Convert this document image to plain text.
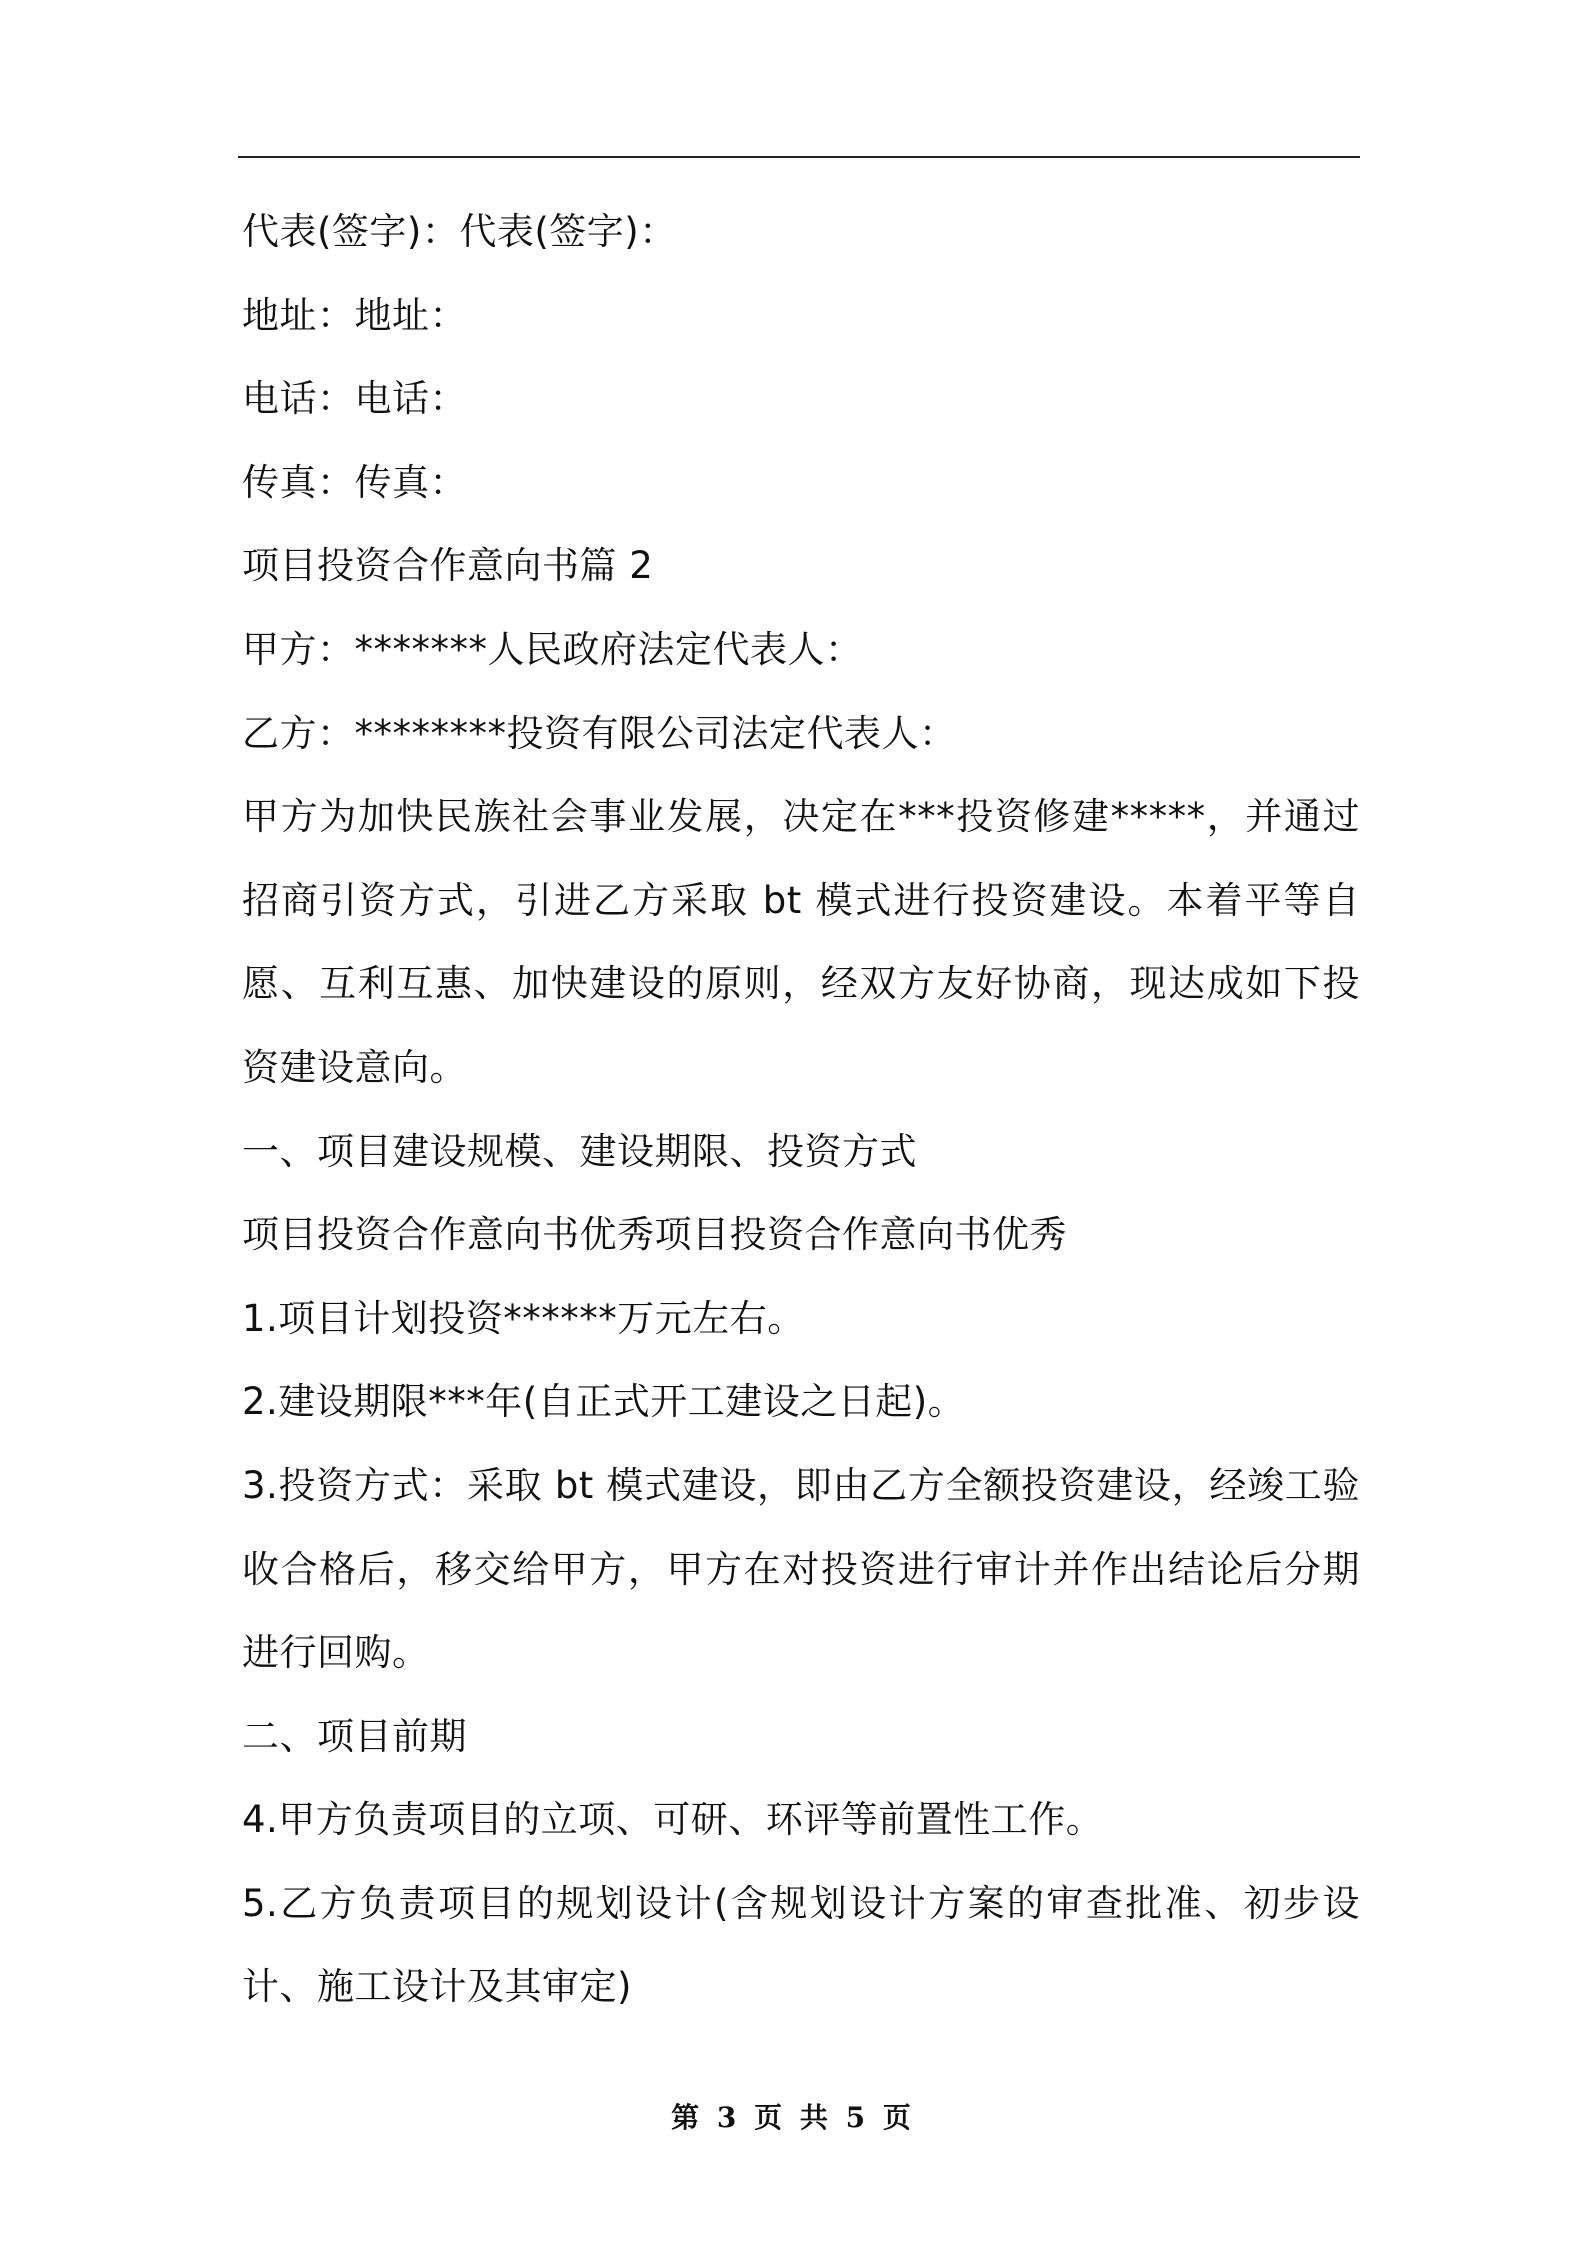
代表(签字)：代表(签字)：
地址：地址：
电话：电话：
传真：传真：
项目投资合作意向书篇 2
甲方：*******人民政府法定代表人：
乙方：********投资有限公司法定代表人：
甲方为加快民族社会事业发展，决定在***投资修建*****，并通过招商引资方式，引进乙方采取 bt 模式进行投资建设。本着平等自愿、互利互惠、加快建设的原则，经双方友好协商，现达成如下投资建设意向。
一、项目建设规模、建设期限、投资方式
项目投资合作意向书优秀项目投资合作意向书优秀
1.项目计划投资******万元左右。
2.建设期限***年(自正式开工建设之日起)。
3.投资方式：采取 bt 模式建设，即由乙方全额投资建设，经竣工验收合格后，移交给甲方，甲方在对投资进行审计并作出结论后分期进行回购。
二、项目前期
4.甲方负责项目的立项、可研、环评等前置性工作。
5.乙方负责项目的规划设计(含规划设计方案的审查批准、初步设计、施工设计及其审定)
第 3 页 共 5 页
